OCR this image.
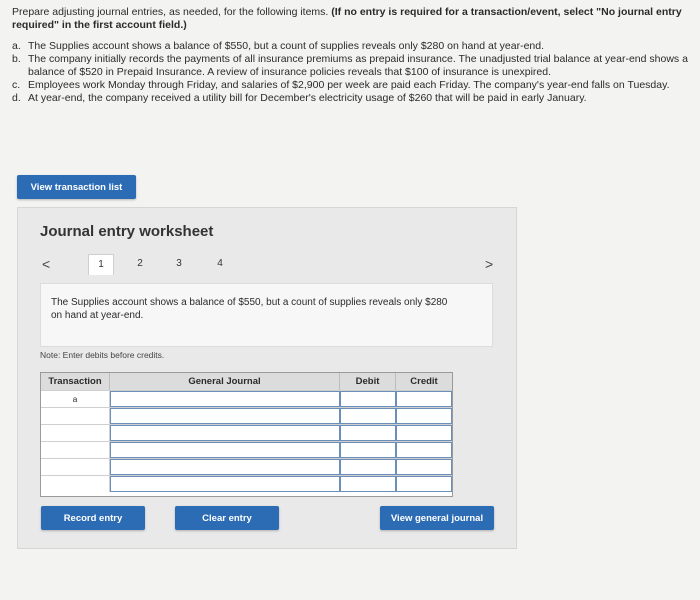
Prepare adjusting journal entries, as needed, for the following items. (If no entry is required for a transaction/event, select "No journal entry required" in the first account field.)
a. The Supplies account shows a balance of $550, but a count of supplies reveals only $280 on hand at year-end.
b. The company initially records the payments of all insurance premiums as prepaid insurance. The unadjusted trial balance at year-end shows a balance of $520 in Prepaid Insurance. A review of insurance policies reveals that $100 of insurance is unexpired.
c. Employees work Monday through Friday, and salaries of $2,900 per week are paid each Friday. The company's year-end falls on Tuesday.
d. At year-end, the company received a utility bill for December's electricity usage of $260 that will be paid in early January.
View transaction list
Journal entry worksheet
<	1	2	3	4	>
The Supplies account shows a balance of $550, but a count of supplies reveals only $280 on hand at year-end.
Note: Enter debits before credits.
Transaction	General Journal	Debit	Credit
a
Record entry	Clear entry	View general journal
